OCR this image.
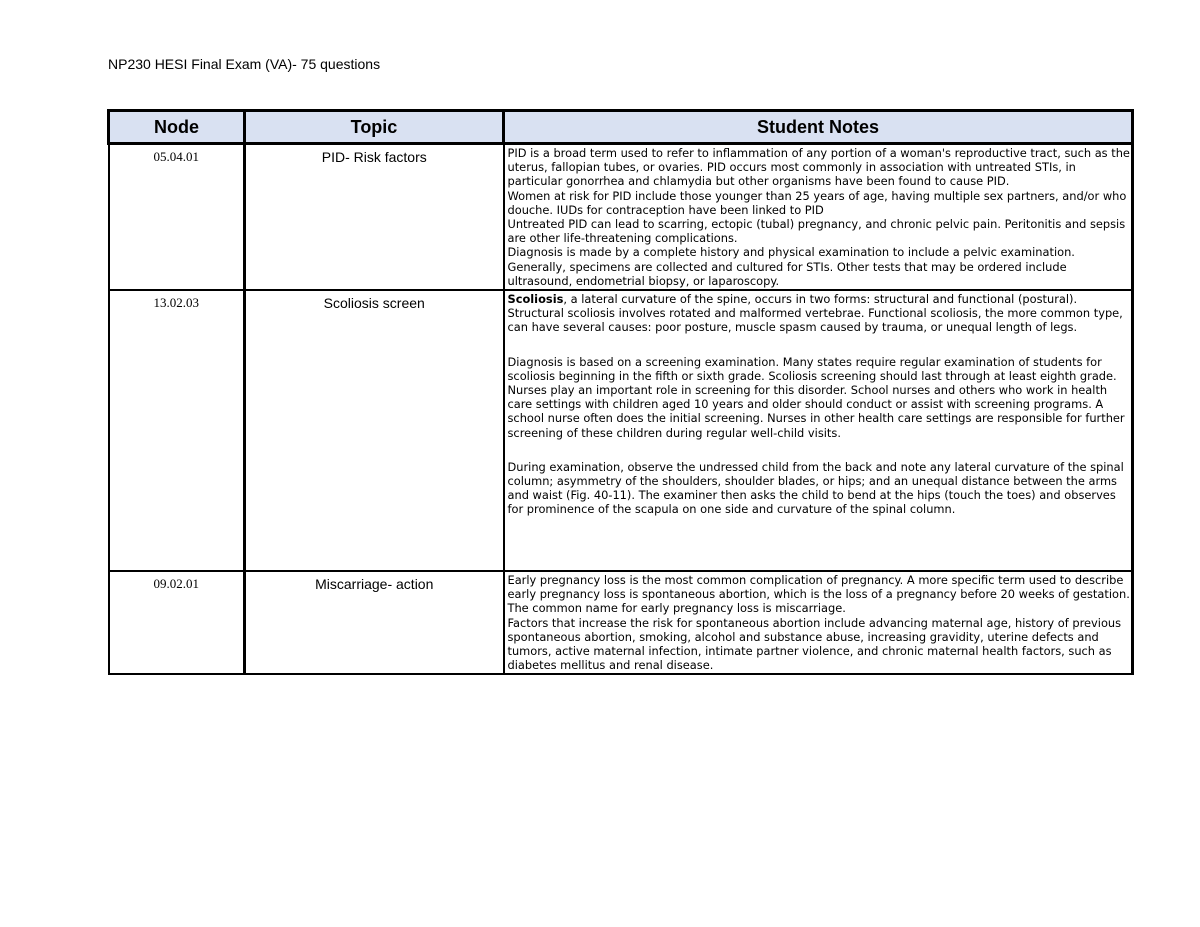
NP230 HESI Final Exam (VA)- 75 questions
Node	Topic	Student Notes
05.04.01	PID- Risk factors	PID is a broad term used to refer to inflammation of any portion of a woman's reproductive tract, such as the uterus, fallopian tubes, or ovaries. PID occurs most commonly in association with untreated STIs, in particular gonorrhea and chlamydia but other organisms have been found to cause PID.

Women at risk for PID include those younger than 25 years of age, having multiple sex partners, and/or who douche. IUDs for contraception have been linked to PID

Untreated PID can lead to scarring, ectopic (tubal) pregnancy, and chronic pelvic pain. Peritonitis and sepsis are other life-threatening complications.

Diagnosis is made by a complete history and physical examination to include a pelvic examination. Generally, specimens are collected and cultured for STIs. Other tests that may be ordered include ultrasound, endometrial biopsy, or laparoscopy.

13.02.03	Scoliosis screen	Scoliosis, a lateral curvature of the spine, occurs in two forms: structural and functional (postural). Structural scoliosis involves rotated and malformed vertebrae. Functional scoliosis, the more common type, can have several causes: poor posture, muscle spasm caused by trauma, or unequal length of legs.

Diagnosis is based on a screening examination. Many states require regular examination of students for scoliosis beginning in the fifth or sixth grade. Scoliosis screening should last through at least eighth grade. Nurses play an important role in screening for this disorder. School nurses and others who work in health care settings with children aged 10 years and older should conduct or assist with screening programs. A school nurse often does the initial screening. Nurses in other health care settings are responsible for further screening of these children during regular well-child visits.

During examination, observe the undressed child from the back and note any lateral curvature of the spinal column; asymmetry of the shoulders, shoulder blades, or hips; and an unequal distance between the arms and waist (Fig. 40-11). The examiner then asks the child to bend at the hips (touch the toes) and observes for prominence of the scapula on one side and curvature of the spinal column.

09.02.01	Miscarriage- action	Early pregnancy loss is the most common complication of pregnancy. A more specific term used to describe early pregnancy loss is spontaneous abortion, which is the loss of a pregnancy before 20 weeks of gestation. The common name for early pregnancy loss is miscarriage.

Factors that increase the risk for spontaneous abortion include advancing maternal age, history of previous spontaneous abortion, smoking, alcohol and substance abuse, increasing gravidity, uterine defects and tumors, active maternal infection, intimate partner violence, and chronic maternal health factors, such as diabetes mellitus and renal disease.
